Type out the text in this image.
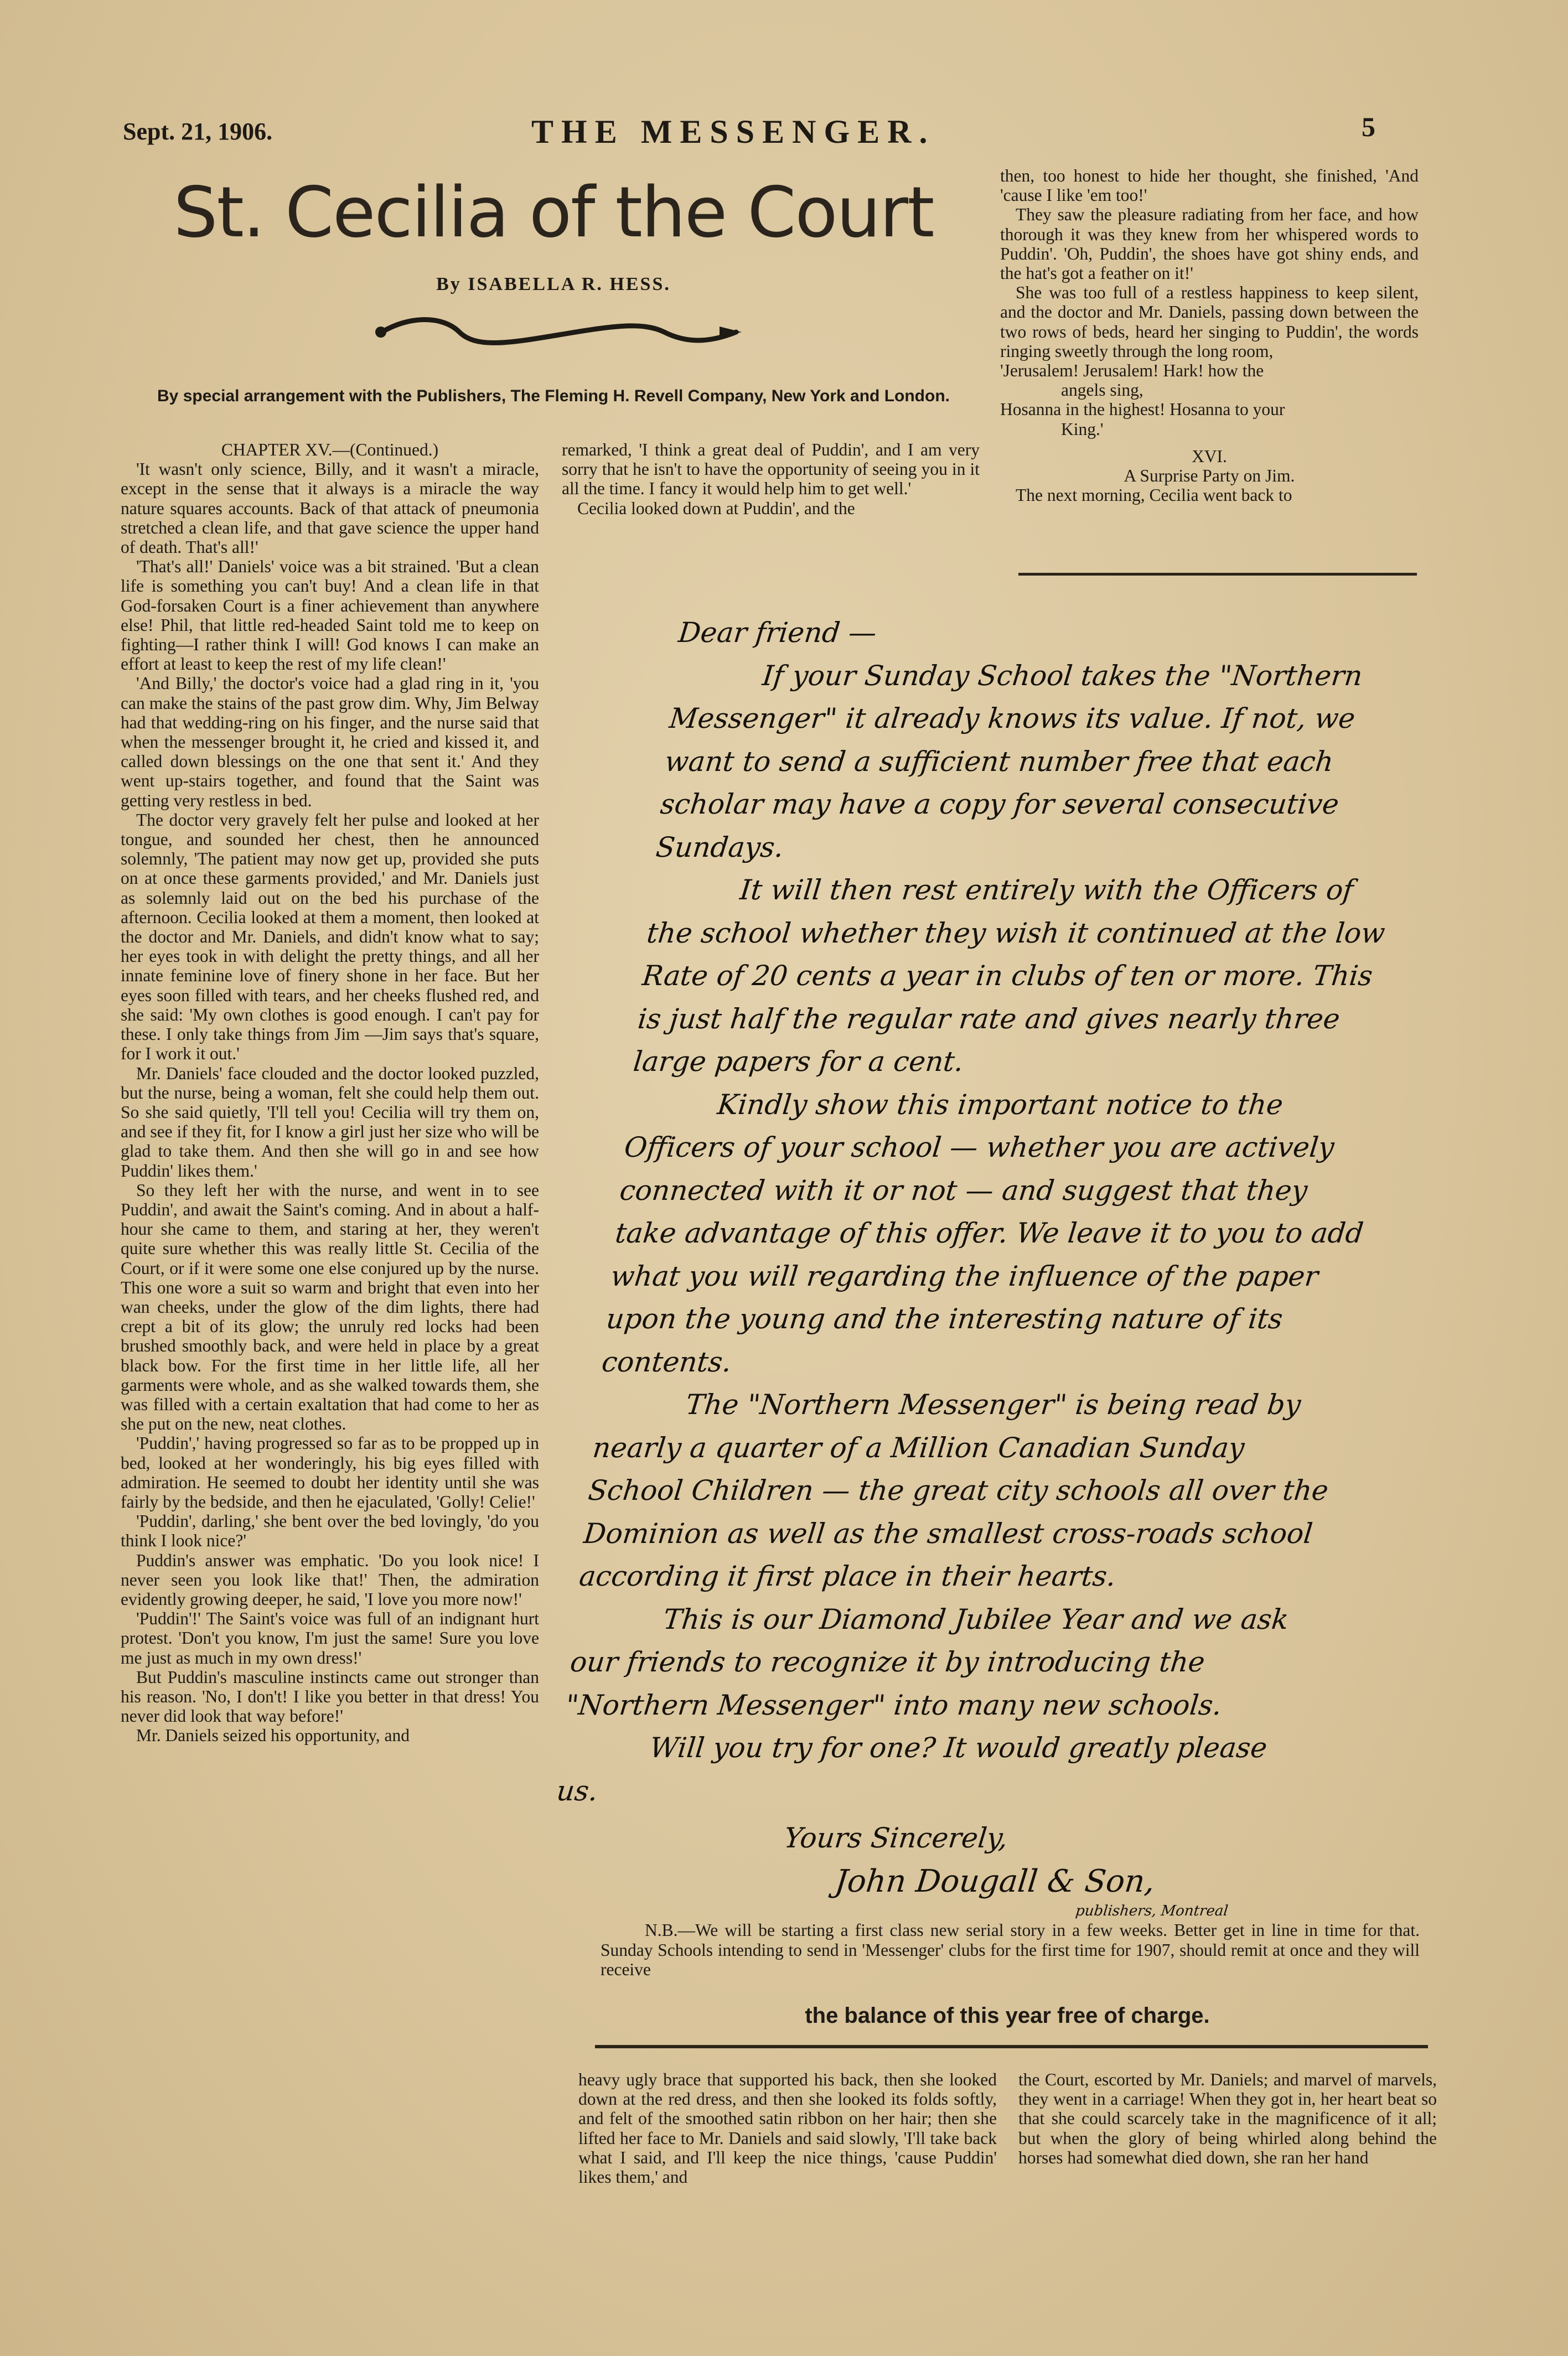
Sept. 21, 1906.	THE MESSENGER.	5
St. Cecilia of the Court
By ISABELLA R. HESS.
By special arrangement with the Publishers, The Fleming H. Revell Company, New York and London.

CHAPTER XV.—(Continued.)

'It wasn't only science, Billy, and it wasn't a miracle, except in the sense that it always is a miracle the way nature squares accounts. Back of that attack of pneumonia stretched a clean life, and that gave science the upper hand of death. That's all!'

'That's all!' Daniels' voice was a bit strained. 'But a clean life is something you can't buy! And a clean life in that God-forsaken Court is a finer achievement than anywhere else! Phil, that little red-headed Saint told me to keep on fighting—I rather think I will! God knows I can make an effort at least to keep the rest of my life clean!'

'And Billy,' the doctor's voice had a glad ring in it, 'you can make the stains of the past grow dim. Why, Jim Belway had that wedding-ring on his finger, and the nurse said that when the messenger brought it, he cried and kissed it, and called down blessings on the one that sent it.' And they went up-stairs together, and found that the Saint was getting very restless in bed.

The doctor very gravely felt her pulse and looked at her tongue, and sounded her chest, then he announced solemnly, 'The patient may now get up, provided she puts on at once these garments provided,' and Mr. Daniels just as solemnly laid out on the bed his purchase of the afternoon. Cecilia looked at them a moment, then looked at the doctor and Mr. Daniels, and didn't know what to say; her eyes took in with delight the pretty things, and all her innate feminine love of finery shone in her face. But her eyes soon filled with tears, and her cheeks flushed red, and she said: 'My own clothes is good enough. I can't pay for these. I only take things from Jim —Jim says that's square, for I work it out.'

Mr. Daniels' face clouded and the doctor looked puzzled, but the nurse, being a woman, felt she could help them out. So she said quietly, 'I'll tell you! Cecilia will try them on, and see if they fit, for I know a girl just her size who will be glad to take them. And then she will go in and see how Puddin' likes them.'

So they left her with the nurse, and went in to see Puddin', and await the Saint's coming. And in about a half-hour she came to them, and staring at her, they weren't quite sure whether this was really little St. Cecilia of the Court, or if it were some one else conjured up by the nurse. This one wore a suit so warm and bright that even into her wan cheeks, under the glow of the dim lights, there had crept a bit of its glow; the unruly red locks had been brushed smoothly back, and were held in place by a great black bow. For the first time in her little life, all her garments were whole, and as she walked towards them, she was filled with a certain exaltation that had come to her as she put on the new, neat clothes.

'Puddin',' having progressed so far as to be propped up in bed, looked at her wonderingly, his big eyes filled with admiration. He seemed to doubt her identity until she was fairly by the bedside, and then he ejaculated, 'Golly! Celie!'

'Puddin', darling,' she bent over the bed lovingly, 'do you think I look nice?'

Puddin's answer was emphatic. 'Do you look nice! I never seen you look like that!' Then, the admiration evidently growing deeper, he said, 'I love you more now!'

'Puddin'!' The Saint's voice was full of an indignant hurt protest. 'Don't you know, I'm just the same! Sure you love me just as much in my own dress!'

But Puddin's masculine instincts came out stronger than his reason. 'No, I don't! I like you better in that dress! You never did look that way before!'

Mr. Daniels seized his opportunity, and

remarked, 'I think a great deal of Puddin', and I am very sorry that he isn't to have the opportunity of seeing you in it all the time. I fancy it would help him to get well.'

Cecilia looked down at Puddin', and the

then, too honest to hide her thought, she finished, 'And 'cause I like 'em too!'

They saw the pleasure radiating from her face, and how thorough it was they knew from her whispered words to Puddin'. 'Oh, Puddin', the shoes have got shiny ends, and the hat's got a feather on it!'

She was too full of a restless happiness to keep silent, and the doctor and Mr. Daniels, passing down between the two rows of beds, heard her singing to Puddin', the words ringing sweetly through the long room,

'Jerusalem! Jerusalem! Hark! how the

angels sing,

Hosanna in the highest! Hosanna to your

King.'

XVI.

A Surprise Party on Jim.

The next morning, Cecilia went back to

Dear friend —

If your Sunday School takes the "Northern Messenger" it already knows its value. If not, we want to send a sufficient number free that each scholar may have a copy for several consecutive Sundays.

It will then rest entirely with the Officers of the school whether they wish it continued at the low Rate of 20 cents a year in clubs of ten or more. This is just half the regular rate and gives nearly three large papers for a cent.

Kindly show this important notice to the Officers of your school — whether you are actively connected with it or not — and suggest that they take advantage of this offer. We leave it to you to add what you will regarding the influence of the paper upon the young and the interesting nature of its contents.

The "Northern Messenger" is being read by nearly a quarter of a Million Canadian Sunday School Children — the great city schools all over the Dominion as well as the smallest cross-roads school according it first place in their hearts.

This is our Diamond Jubilee Year and we ask our friends to recognize it by introducing the "Northern Messenger" into many new schools.

Will you try for one? It would greatly please us.

Yours Sincerely,

John Dougall & Son,

publishers, Montreal

N.B.—We will be starting a first class new serial story in a few weeks. Better get in line in time for that. Sunday Schools intending to send in 'Messenger' clubs for the first time for 1907, should remit at once and they will receive

the balance of this year free of charge.

heavy ugly brace that supported his back, then she looked down at the red dress, and then she looked its folds softly, and felt of the smoothed satin ribbon on her hair; then she lifted her face to Mr. Daniels and said slowly, 'I'll take back what I said, and I'll keep the nice things, 'cause Puddin' likes them,' and

the Court, escorted by Mr. Daniels; and marvel of marvels, they went in a carriage! When they got in, her heart beat so that she could scarcely take in the magnificence of it all; but when the glory of being whirled along behind the horses had somewhat died down, she ran her hand
